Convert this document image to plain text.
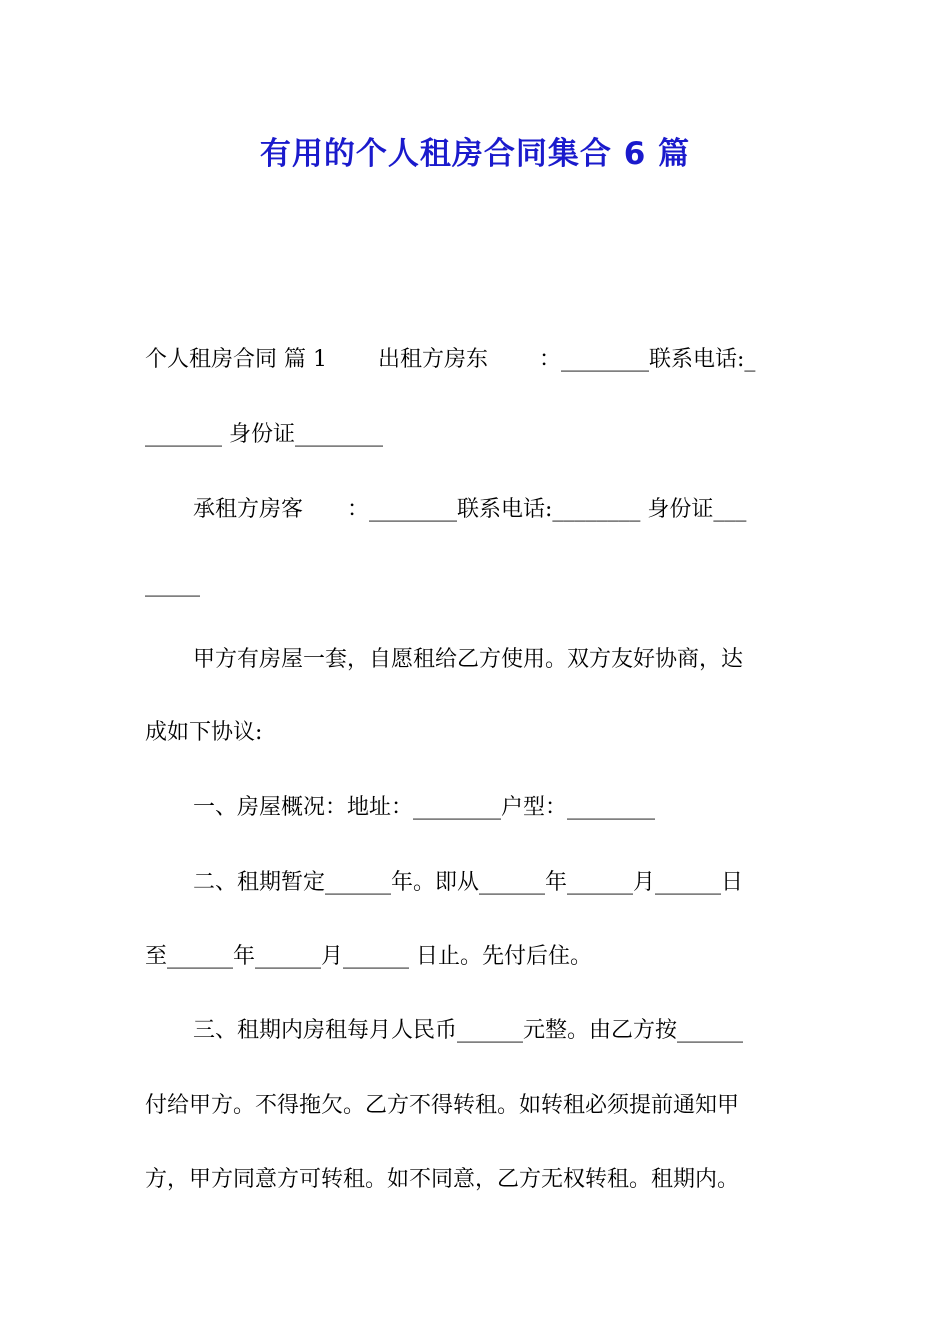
有用的个人租房合同集合 6 篇
个人租房合同 篇 1　　 出租方房东　　 ：________联系电话:_
_______ 身份证________
承租方房客　　：________联系电话:________ 身份证___
_____
甲方有房屋一套，自愿租给乙方使用。双方友好协商，达
成如下协议:
一、房屋概况：地址：________户型：________
二、租期暂定______年。即从______年______月______日
至______年______月______ 日止。先付后住。
三、租期内房租每月人民币______元整。由乙方按______
付给甲方。不得拖欠。乙方不得转租。如转租必须提前通知甲
方，甲方同意方可转租。如不同意，乙方无权转租。租期内。
